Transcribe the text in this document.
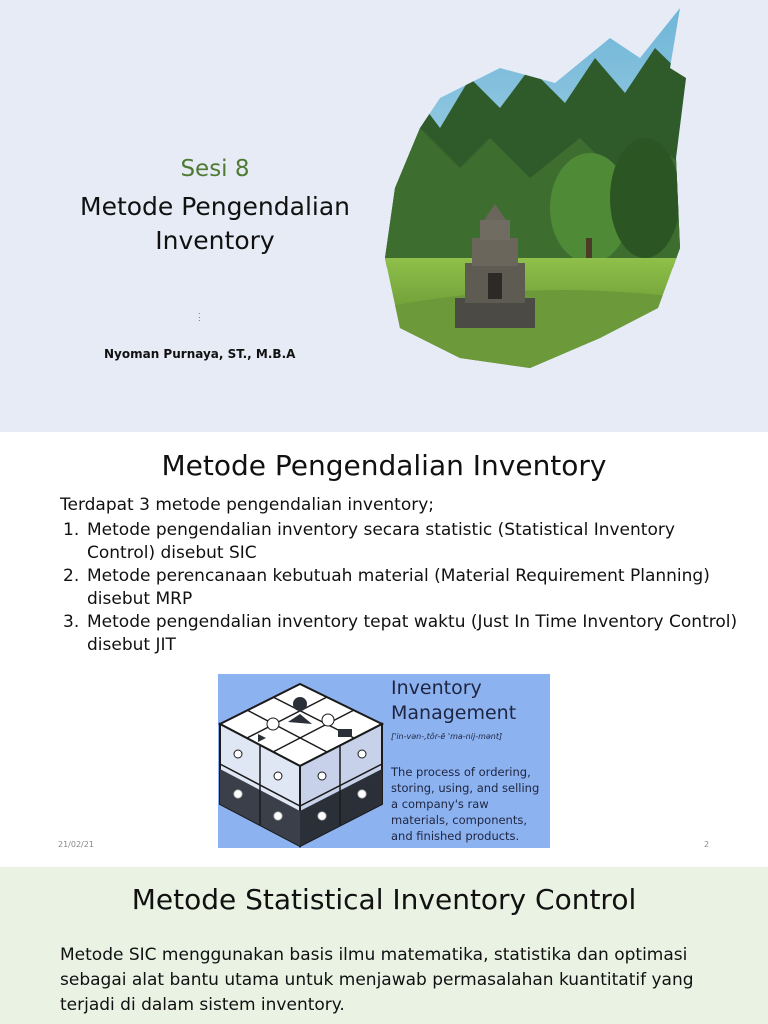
Sesi 8
Metode Pengendalian
Inventory
.
:
Nyoman Purnaya, ST., M.B.A
Metode Pengendalian Inventory
Terdapat 3 metode pengendalian inventory;
1. Metode pengendalian inventory secara statistic (Statistical Inventory Control) disebut SIC
2. Metode perencanaan kebutuah material (Material Requirement Planning) disebut MRP
3. Metode pengendalian inventory tepat waktu (Just In Time Inventory Control) disebut JIT
Inventory
Management
['in-vən-,tôr-ē 'ma-nij-mənt]
The process of ordering, storing, using, and selling a company's raw materials, components, and finished products.
21/02/21	2
Metode Statistical Inventory Control
Metode SIC menggunakan basis ilmu matematika, statistika dan optimasi sebagai alat bantu utama untuk menjawab permasalahan kuantitatif yang terjadi di dalam sistem inventory.
